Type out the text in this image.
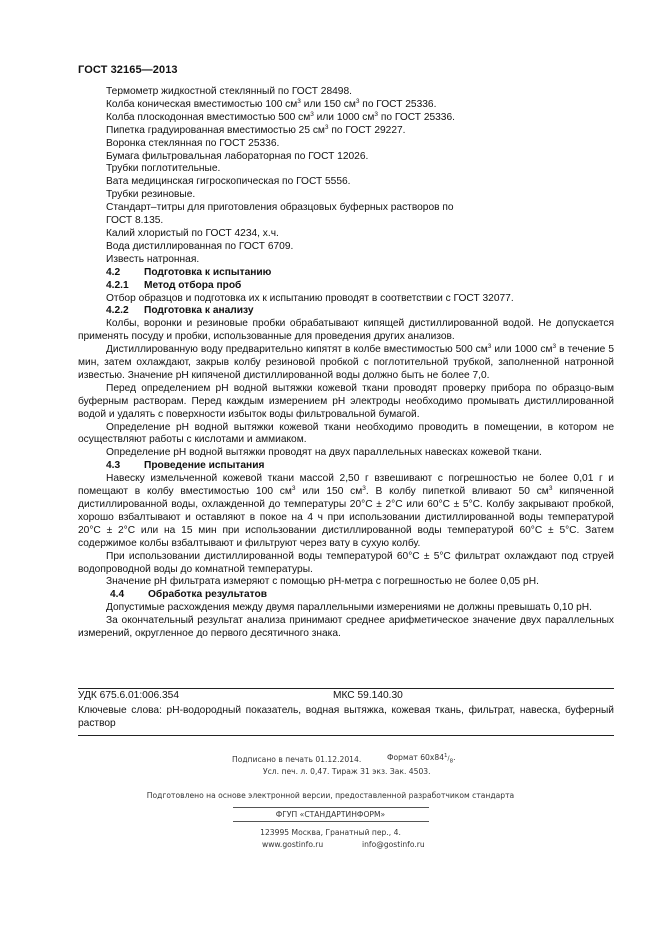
ГОСТ 32165—2013

Термометр жидкостной стеклянный по ГОСТ 28498.

Колба коническая вместимостью 100 $см^3$ или 150 $см^3$ по ГОСТ 25336.

Колба плоскодонная вместимостью 500 $см^3$ или 1000 $см^3$ по ГОСТ 25336.

Пипетка градуированная вместимостью 25 $см^3$ по ГОСТ 29227.

Воронка стеклянная по ГОСТ 25336.

Бумага фильтровальная лабораторная по ГОСТ 12026.

Трубки поглотительные.

Вата медицинская гигроскопическая по ГОСТ 5556.

Трубки резиновые.

Стандарт–титры для приготовления образцовых буферных растворов по

ГОСТ 8.135.

Калий хлористый по ГОСТ 4234, х.ч.

Вода дистиллированная по ГОСТ 6709.

Известь натронная.

4.2 Подготовка к испытанию

4.2.1 Метод отбора проб

Отбор образцов и подготовка их к испытанию проводят в соответствии с ГОСТ 32077.

4.2.2 Подготовка к анализу

Колбы, воронки и резиновые пробки обрабатывают кипящей дистиллированной водой. Не допускается применять посуду и пробки, использованные для проведения других анализов.

Дистиллированную воду предварительно кипятят в колбе вместимостью 500 $см^3$ или 1000 $см^3$ в течение 5 мин, затем охлаждают, закрыв колбу резиновой пробкой с поглотительной трубкой, заполненной натронной известью. Значение pH кипяченой дистиллированной воды должно быть не более 7,0.

Перед определением pH водной вытяжки кожевой ткани проводят проверку прибора по образцо-вым буферным растворам. Перед каждым измерением pH электроды необходимо промывать дистиллированной водой и удалять с поверхности избыток воды фильтровальной бумагой.

Определение pH водной вытяжки кожевой ткани необходимо проводить в помещении, в котором не осуществляют работы с кислотами и аммиаком.

Определение pH водной вытяжки проводят на двух параллельных навесках кожевой ткани.

4.3 Проведение испытания

Навеску измельченной кожевой ткани массой 2,50 г взвешивают с погрешностью не более 0,01 г и помещают в колбу вместимостью 100 $см^3$ или 150 $см^3$. В колбу пипеткой вливают 50 $см^3$ кипяченной дистиллированной воды, охлажденной до температуры 20°С ± 2°С или 60°С ± 5°С. Колбу закрывают пробкой, хорошо взбалтывают и оставляют в покое на 4 ч при использовании дистиллированной воды температурой 20°С ± 2°С или на 15 мин при использовании дистиллированной воды температурой 60°С ± 5°С. Затем содержимое колбы взбалтывают и фильтруют через вату в сухую колбу.

При использовании дистиллированной воды температурой 60°С ± 5°С фильтрат охлаждают под струей водопроводной воды до комнатной температуры.

Значение pH фильтрата измеряют с помощью pH-метра с погрешностью не более 0,05 pH.

4.4 Обработка результатов

Допустимые расхождения между двумя параллельными измерениями не должны превышать 0,10 pH.

За окончательный результат анализа принимают среднее арифметическое значение двух параллельных измерений, округленное до первого десятичного знака.

УДК 675.6.01:006.354	МКС 59.140.30
Ключевые слова: pH-водородный показатель, водная вытяжка, кожевая ткань, фильтрат, навеска, буферный раствор
Подписано в печать 01.12.2014.	Формат $60x84^1/_8$.
Усл. печ. л. 0,47. Тираж 31 экз. Зак. 4503.
Подготовлено на основе электронной версии, предоставленной разработчиком стандарта
ФГУП «СТАНДАРТИНФОРМ»
123995 Москва, Гранатный пер., 4.
www.gostinfo.ru	info@gostinfo.ru
